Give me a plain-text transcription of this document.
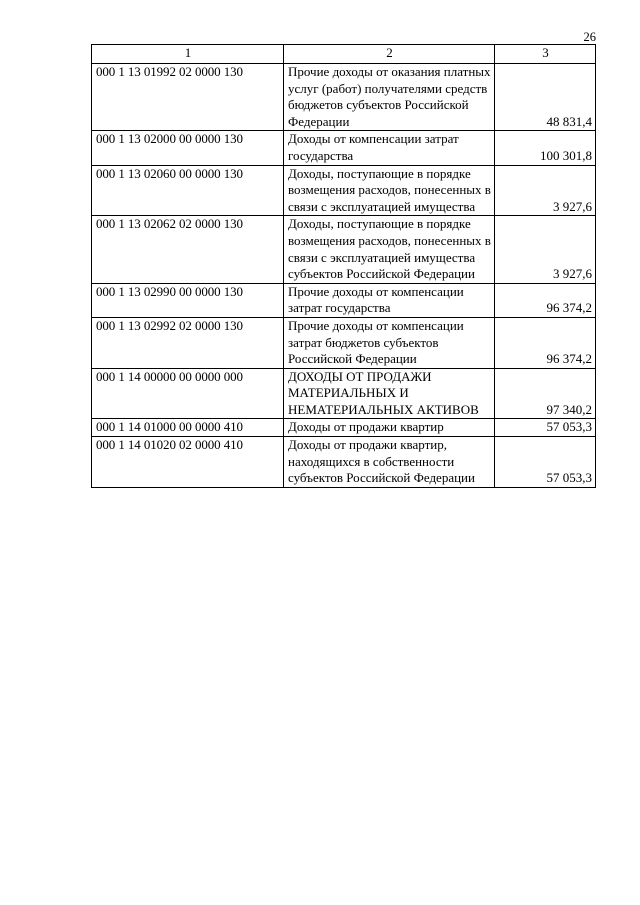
26
1	2	3
000 1 13 01992 02 0000 130	Прочие доходы от оказания платных услуг (работ) получателями средств бюджетов субъектов Российской Федерации	48 831,4
000 1 13 02000 00 0000 130	Доходы от компенсации затрат государства	100 301,8
000 1 13 02060 00 0000 130	Доходы, поступающие в порядке возмещения расходов, понесенных в связи с эксплуатацией имущества	3 927,6
000 1 13 02062 02 0000 130	Доходы, поступающие в порядке возмещения расходов, понесенных в связи с эксплуатацией имущества субъектов Российской Федерации	3 927,6
000 1 13 02990 00 0000 130	Прочие доходы от компенсации затрат государства	96 374,2
000 1 13 02992 02 0000 130	Прочие доходы от компенсации затрат бюджетов субъектов Российской Федерации	96 374,2
000 1 14 00000 00 0000 000	ДОХОДЫ ОТ ПРОДАЖИ МАТЕРИАЛЬНЫХ И НЕМАТЕРИАЛЬНЫХ АКТИВОВ	97 340,2
000 1 14 01000 00 0000 410	Доходы от продажи квартир	57 053,3
000 1 14 01020 02 0000 410	Доходы от продажи квартир, находящихся в собственности субъектов Российской Федерации	57 053,3
